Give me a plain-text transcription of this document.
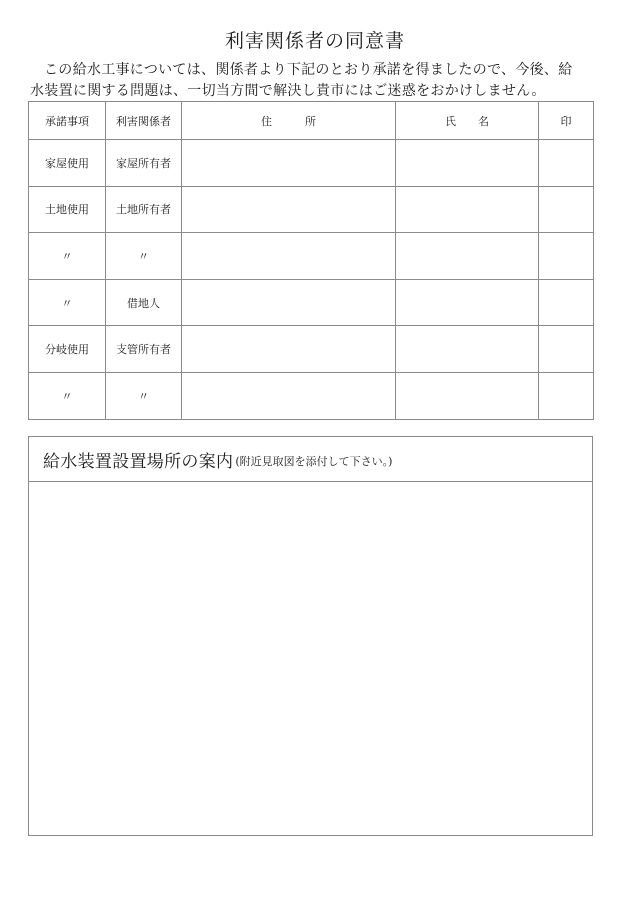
利害関係者の同意書
この給水工事については、関係者より下記のとおり承諾を得ましたので、今後、給
水装置に関する問題は、一切当方間で解決し貴市にはご迷惑をおかけしません。
承諾事項	利害関係者	住　　　所	氏　　名	印
家屋使用	家屋所有者			
土地使用	土地所有者			
〃	〃			
〃	借地人			
分岐使用	支管所有者			
〃	〃			
給水装置設置場所の案内 (附近見取図を添付して下さい。)
